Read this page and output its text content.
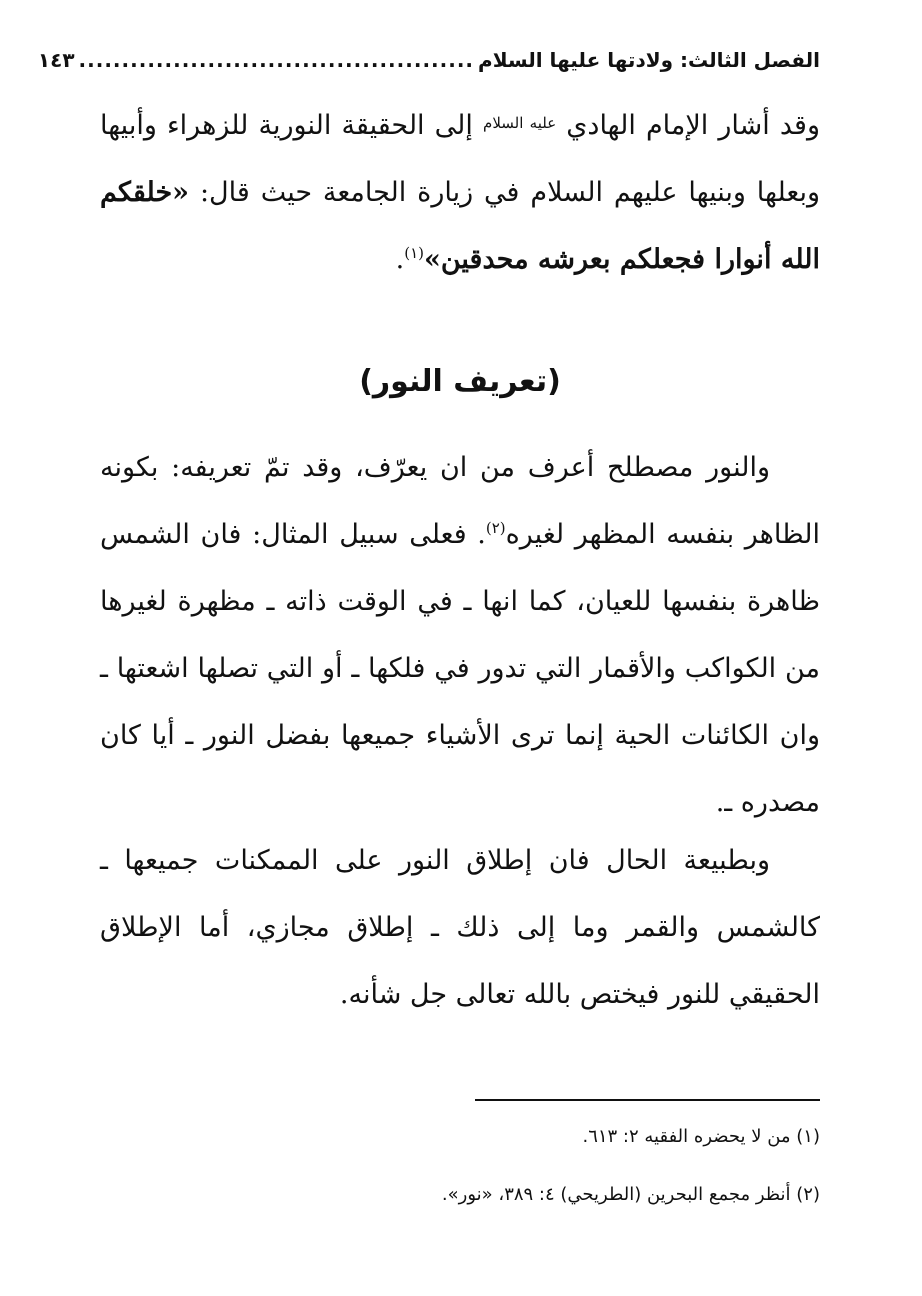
الفصل الثالث: ولادتها عليها السلام
..............................................
١٤٣

وقد أشار الإمام الهادي $^{عليه السلام}$ إلى الحقيقة النورية للزهراء وأبيها وبعلها وبنيها عليهم السلام في زيارة الجامعة حيث قال: «خلقكم الله أنوارا فجعلكم بعرشه محدقين»$^{(١)}$.

(تعريف النور)

والنور مصطلح أعرف من ان يعرّف، وقد تمّ تعريفه: بكونه الظاهر بنفسه المظهر لغيره$^{(٢)}$. فعلى سبيل المثال: فان الشمس ظاهرة بنفسها للعيان، كما انها ـ في الوقت ذاته ـ مظهرة لغيرها من الكواكب والأقمار التي تدور في فلكها ـ أو التي تصلها اشعتها ـ وان الكائنات الحية إنما ترى الأشياء جميعها بفضل النور ـ أيا كان مصدره ـ.

وبطبيعة الحال فان إطلاق النور على الممكنات جميعها ـ كالشمس والقمر وما إلى ذلك ـ إطلاق مجازي، أما الإطلاق الحقيقي للنور فيختص بالله تعالى جل شأنه.

(١) من لا يحضره الفقيه ٢: ٦١٣.
(٢) أنظر مجمع البحرين (الطريحي) ٤: ٣٨٩، «نور».
